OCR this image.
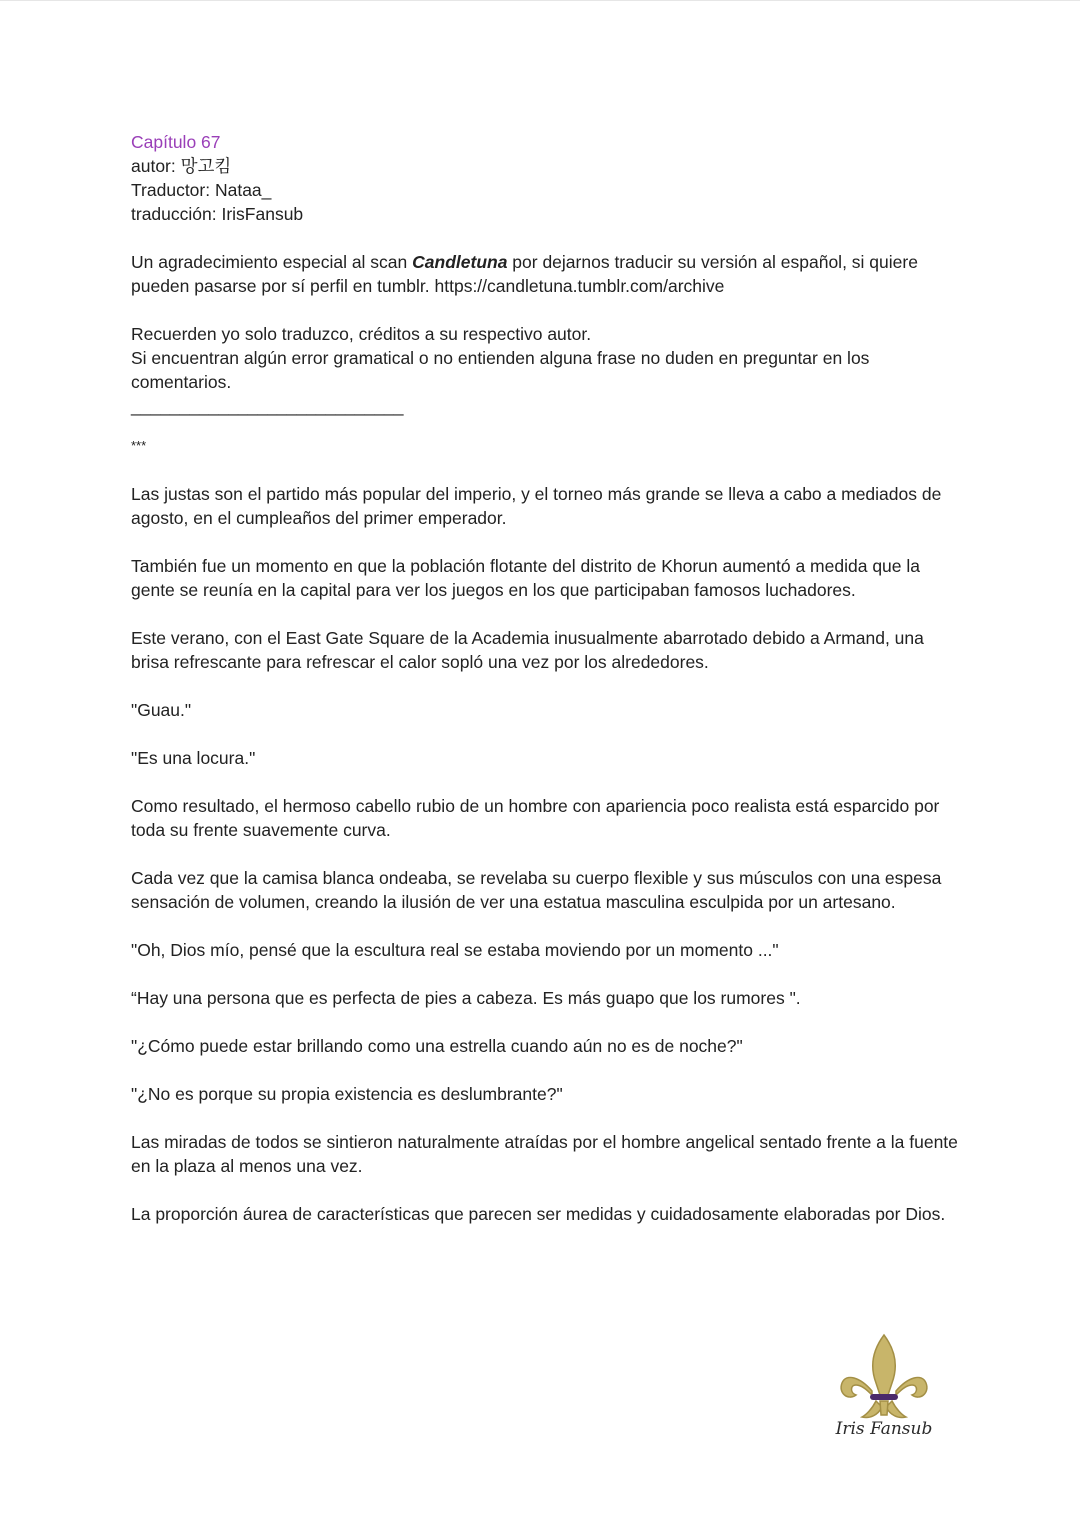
Capítulo 67
autor: 망고킴
Traductor: Nataa_
traducción: IrisFansub

Un agradecimiento especial al scan Candletuna por dejarnos traducir su versión al español, si quiere pueden pasarse por sí perfil en tumblr. https://candletuna.tumblr.com/archive

Recuerden yo solo traduzco, créditos a su respectivo autor.
Si encuentran algún error gramatical o no entienden alguna frase no duden en preguntar en los comentarios.
____________________________
***

Las justas son el partido más popular del imperio, y el torneo más grande se lleva a cabo a mediados de agosto, en el cumpleaños del primer emperador.

También fue un momento en que la población flotante del distrito de Khorun aumentó a medida que la gente se reunía en la capital para ver los juegos en los que participaban famosos luchadores.

Este verano, con el East Gate Square de la Academia inusualmente abarrotado debido a Armand, una brisa refrescante para refrescar el calor sopló una vez por los alrededores.

"Guau."

"Es una locura."

Como resultado, el hermoso cabello rubio de un hombre con apariencia poco realista está esparcido por toda su frente suavemente curva.

Cada vez que la camisa blanca ondeaba, se revelaba su cuerpo flexible y sus músculos con una espesa sensación de volumen, creando la ilusión de ver una estatua masculina esculpida por un artesano.

"Oh, Dios mío, pensé que la escultura real se estaba moviendo por un momento ..."

“Hay una persona que es perfecta de pies a cabeza. Es más guapo que los rumores ".

"¿Cómo puede estar brillando como una estrella cuando aún no es de noche?"

"¿No es porque su propia existencia es deslumbrante?"

Las miradas de todos se sintieron naturalmente atraídas por el hombre angelical sentado frente a la fuente en la plaza al menos una vez.

La proporción áurea de características que parecen ser medidas y cuidadosamente elaboradas por Dios.

Iris Fansub
